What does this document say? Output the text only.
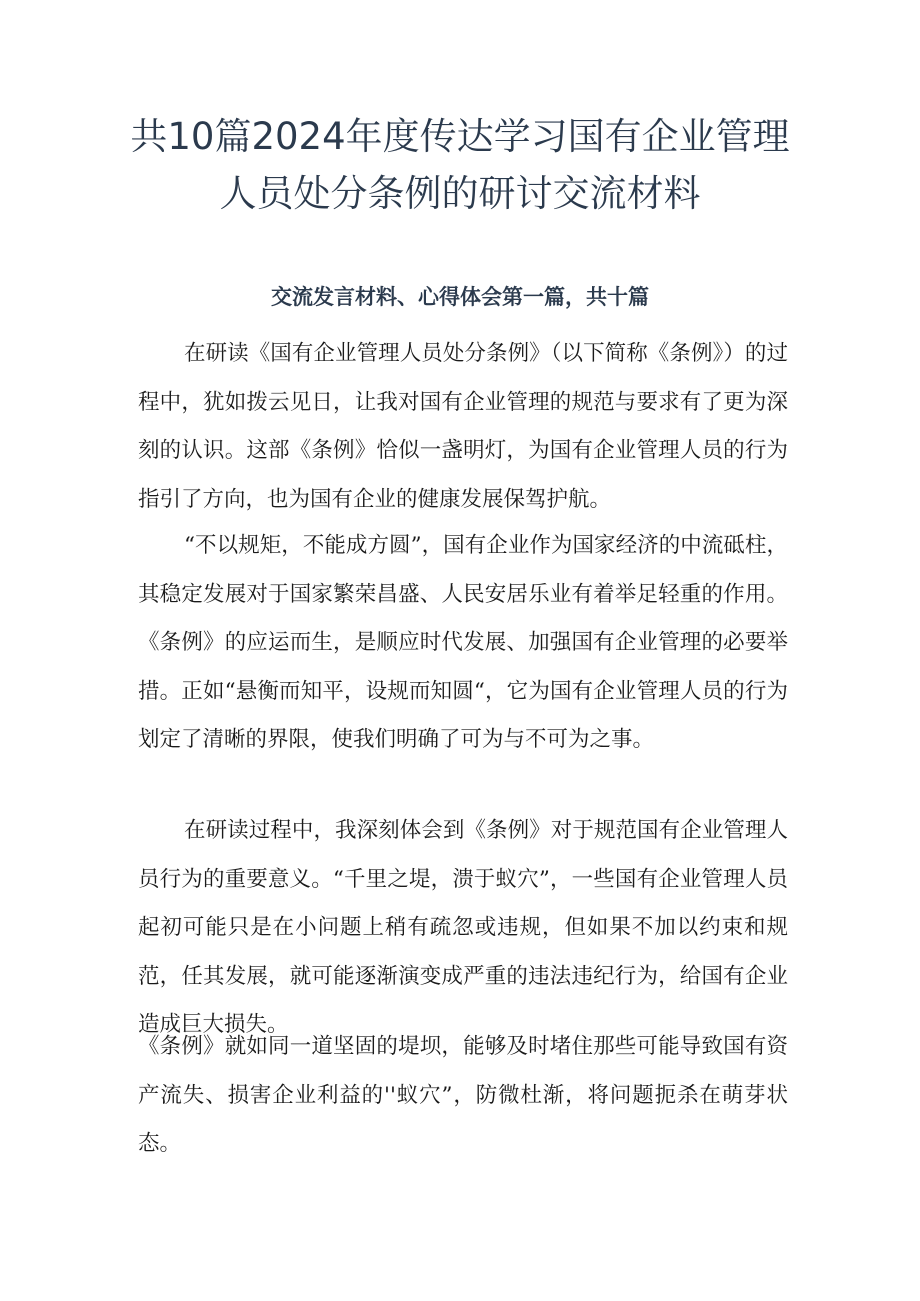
共10篇2024年度传达学习国有企业管理
人员处分条例的研讨交流材料
交流发言材料、心得体会第一篇，共十篇

在研读《国有企业管理人员处分条例》（以下简称《条例》）的过程中，犹如拨云见日，让我对国有企业管理的规范与要求有了更为深刻的认识。这部《条例》恰似一盏明灯，为国有企业管理人员的行为指引了方向，也为国有企业的健康发展保驾护航。

“不以规矩，不能成方圆”，国有企业作为国家经济的中流砥柱，其稳定发展对于国家繁荣昌盛、人民安居乐业有着举足轻重的作用。《条例》的应运而生，是顺应时代发展、加强国有企业管理的必要举措。正如“悬衡而知平，设规而知圆“，它为国有企业管理人员的行为划定了清晰的界限，使我们明确了可为与不可为之事。

在研读过程中，我深刻体会到《条例》对于规范国有企业管理人员行为的重要意义。“千里之堤，溃于蚁穴”，一些国有企业管理人员起初可能只是在小问题上稍有疏忽或违规，但如果不加以约束和规范，任其发展，就可能逐渐演变成严重的违法违纪行为，给国有企业造成巨大损失。

《条例》就如同一道坚固的堤坝，能够及时堵住那些可能导致国有资产流失、损害企业利益的''蚁穴”，防微杜渐，将问题扼杀在萌芽状态。
